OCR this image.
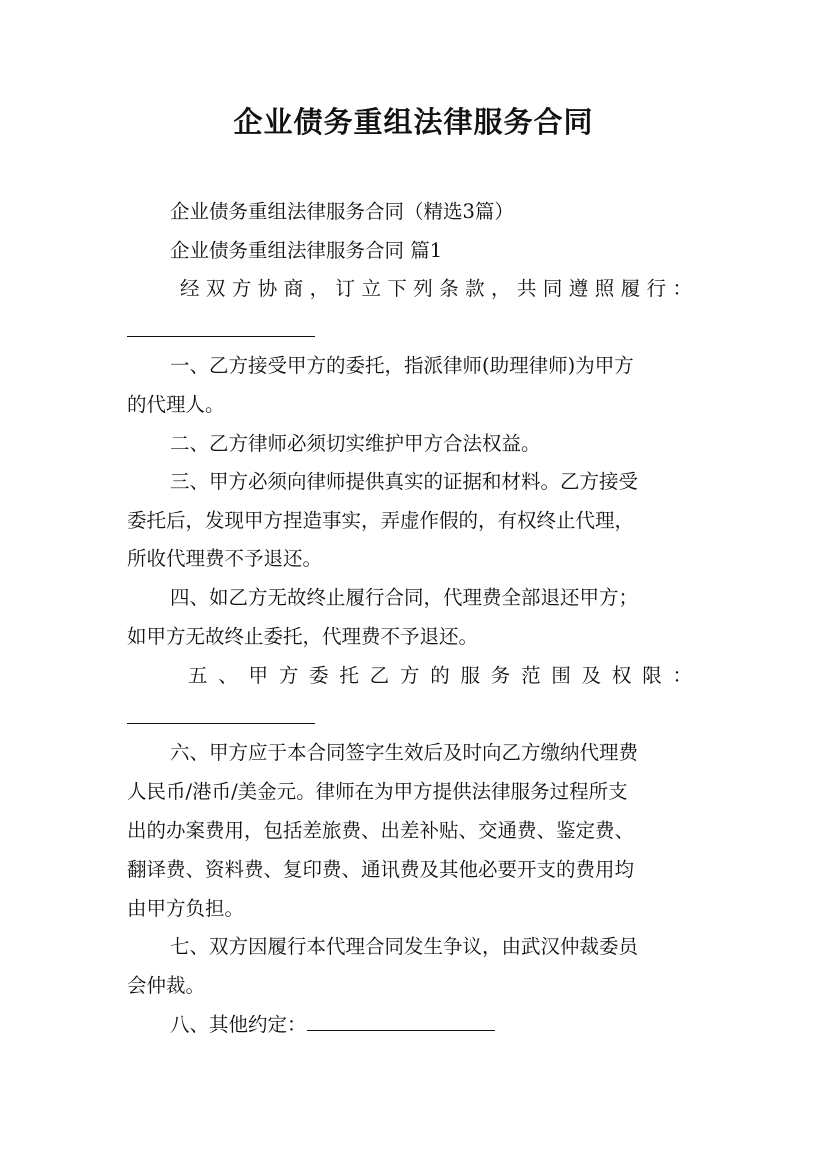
企业债务重组法律服务合同

企业债务重组法律服务合同（精选3篇）

企业债务重组法律服务合同 篇1

经双方协商，订立下列条款，共同遵照履行：

一、乙方接受甲方的委托，指派律师(助理律师)为甲方

的代理人。

二、乙方律师必须切实维护甲方合法权益。

三、甲方必须向律师提供真实的证据和材料。乙方接受

委托后，发现甲方捏造事实，弄虚作假的，有权终止代理，

所收代理费不予退还。

四、如乙方无故终止履行合同，代理费全部退还甲方；

如甲方无故终止委托，代理费不予退还。

五、甲方委托乙方的服务范围及权限：

六、甲方应于本合同签字生效后及时向乙方缴纳代理费

人民币/港币/美金元。律师在为甲方提供法律服务过程所支

出的办案费用，包括差旅费、出差补贴、交通费、鉴定费、

翻译费、资料费、复印费、通讯费及其他必要开支的费用均

由甲方负担。

七、双方因履行本代理合同发生争议，由武汉仲裁委员

会仲裁。

八、其他约定：
